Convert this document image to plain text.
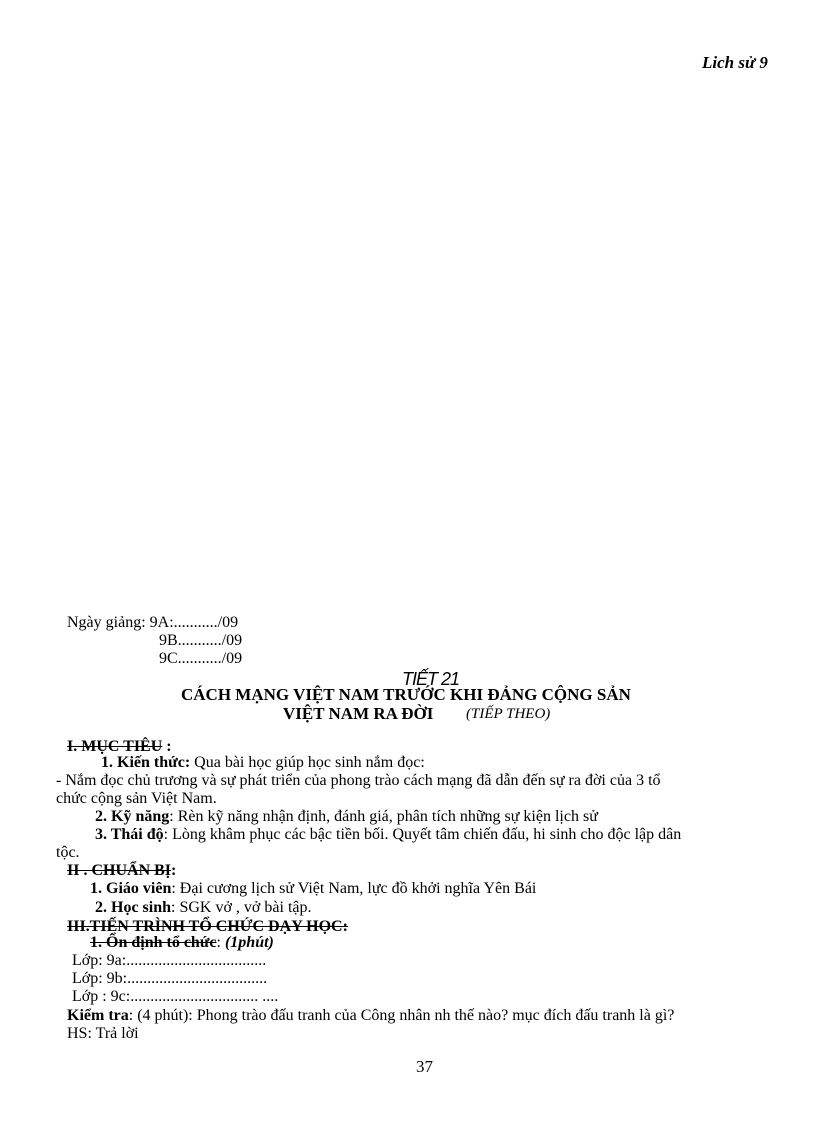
Lich sử 9
Ngày giảng: 9A:.........../09
9B.........../09
9C.........../09
TIẾT 21
CÁCH MẠNG VIỆT NAM TRƯỚC KHI ĐẢNG CỘNG SẢN
VIỆT NAM RA ĐỜI (TIẾP THEO)
I. MỤC TIÊU :
1. Kiến thức: Qua bài học giúp học sinh nắm đọc:
- Nắm đọc chủ trương và sự phát triển của phong trào cách mạng đã dẫn đến sự ra đời của 3 tổ
chức cộng sản Việt Nam.
2. Kỹ năng: Rèn kỹ năng nhận định, đánh giá, phân tích những sự kiện lịch sử
3. Thái độ: Lòng khâm phục các bậc tiền bối. Quyết tâm chiến đấu, hi sinh cho độc lập dân
tộc.
II . CHUẨN BỊ:
1. Giáo viên: Đại cương lịch sử Việt Nam, lực đồ khởi nghĩa Yên Bái
2. Học sinh: SGK vở , vở bài tập.
III.TIẾN TRÌNH TỔ CHỨC DẠY HỌC:
1. Ổn định tổ chức: (1phút)
Lớp: 9a:...................................
Lớp: 9b:...................................
Lớp : 9c:................................ ....
Kiểm tra: (4 phút): Phong trào đấu tranh của Công nhân nh thế nào? mục đích đấu tranh là gì?
HS: Trả lời
37
